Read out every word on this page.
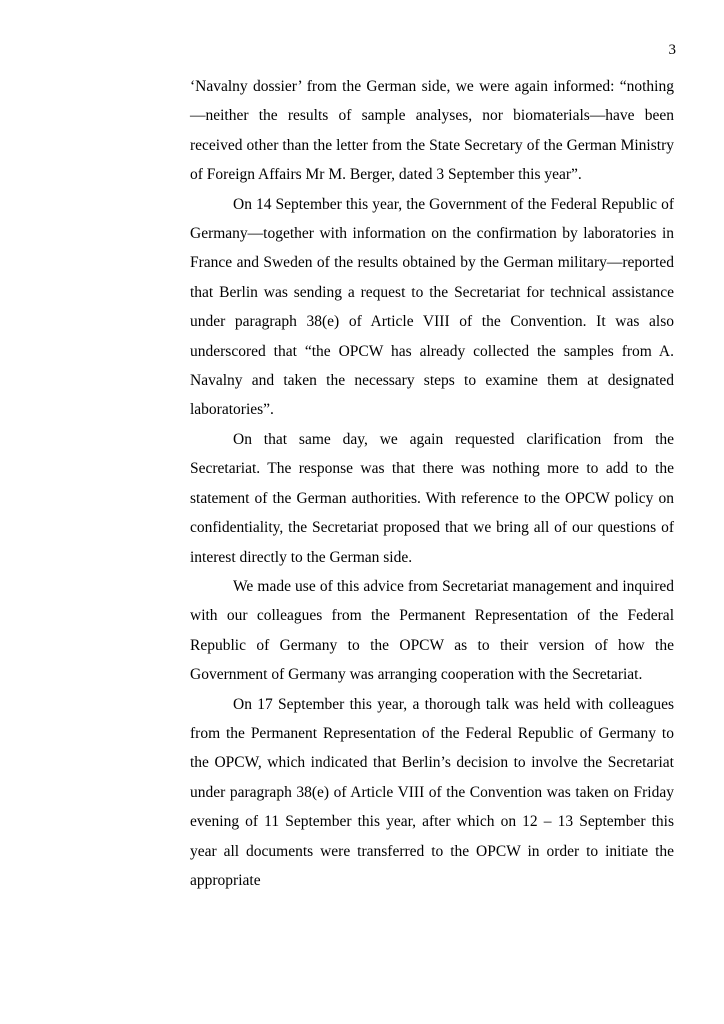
3

‘Navalny dossier’ from the German side, we were again informed: “nothing—neither the results of sample analyses, nor biomaterials—have been received other than the letter from the State Secretary of the German Ministry of Foreign Affairs Mr M. Berger, dated 3 September this year”.

On 14 September this year, the Government of the Federal Republic of Germany—together with information on the confirmation by laboratories in France and Sweden of the results obtained by the German military—reported that Berlin was sending a request to the Secretariat for technical assistance under paragraph 38(e) of Article VIII of the Convention. It was also underscored that “the OPCW has already collected the samples from A. Navalny and taken the necessary steps to examine them at designated laboratories”.

On that same day, we again requested clarification from the Secretariat. The response was that there was nothing more to add to the statement of the German authorities. With reference to the OPCW policy on confidentiality, the Secretariat proposed that we bring all of our questions of interest directly to the German side.

We made use of this advice from Secretariat management and inquired with our colleagues from the Permanent Representation of the Federal Republic of Germany to the OPCW as to their version of how the Government of Germany was arranging cooperation with the Secretariat.

On 17 September this year, a thorough talk was held with colleagues from the Permanent Representation of the Federal Republic of Germany to the OPCW, which indicated that Berlin’s decision to involve the Secretariat under paragraph 38(e) of Article VIII of the Convention was taken on Friday evening of 11 September this year, after which on 12 – 13 September this year all documents were transferred to the OPCW in order to initiate the appropriate
